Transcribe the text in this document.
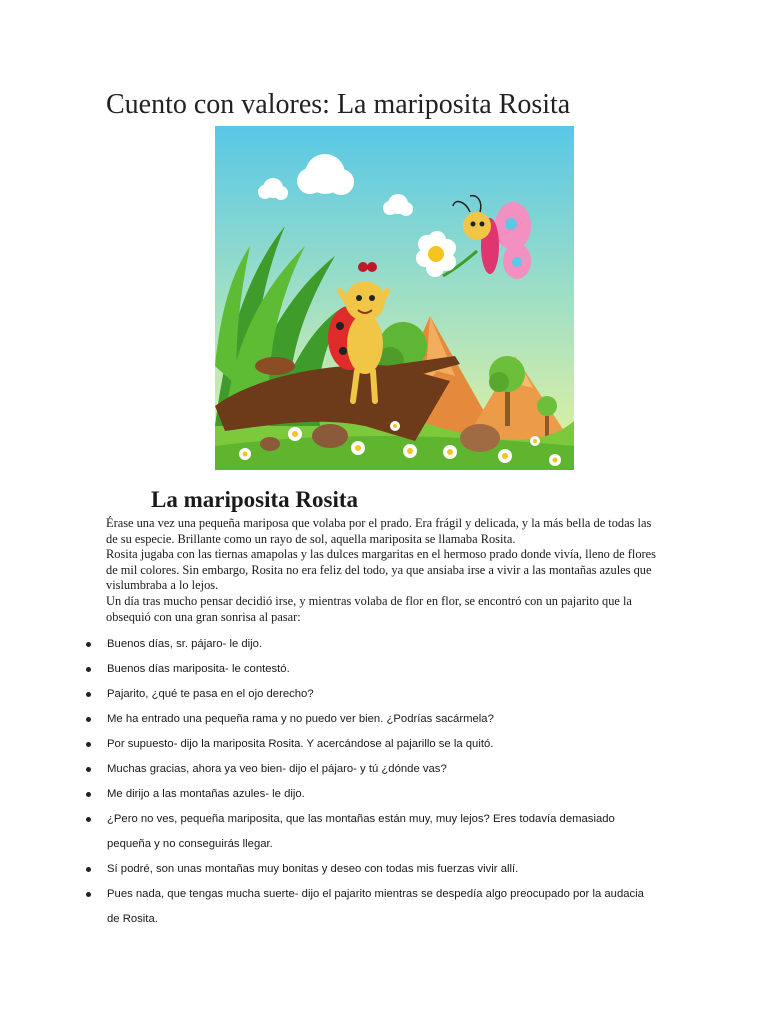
Cuento con valores: La mariposita Rosita
La mariposita Rosita

Érase una vez una pequeña mariposa que volaba por el prado. Era frágil y delicada, y la más bella de todas las de su especie. Brillante como un rayo de sol, aquella mariposita se llamaba Rosita.

Rosita jugaba con las tiernas amapolas y las dulces margaritas en el hermoso prado donde vivía, lleno de flores de mil colores. Sin embargo, Rosita no era feliz del todo, ya que ansiaba irse a vivir a las montañas azules que vislumbraba a lo lejos.

Un día tras mucho pensar decidió irse, y mientras volaba de flor en flor, se encontró con un pajarito que la obsequió con una gran sonrisa al pasar:

Buenos días, sr. pájaro- le dijo.
Buenos días mariposita- le contestó.
Pajarito, ¿qué te pasa en el ojo derecho?
Me ha entrado una pequeña rama y no puedo ver bien. ¿Podrías sacármela?
Por supuesto- dijo la mariposita Rosita. Y acercándose al pajarillo se la quitó.
Muchas gracias, ahora ya veo bien- dijo el pájaro- y tú ¿dónde vas?
Me dirijo a las montañas azules- le dijo.
¿Pero no ves, pequeña mariposita, que las montañas están muy, muy lejos? Eres todavía demasiado pequeña y no conseguirás llegar.
Sí podré, son unas montañas muy bonitas y deseo con todas mis fuerzas vivir allí.
Pues nada, que tengas mucha suerte- dijo el pajarito mientras se despedía algo preocupado por la audacia de Rosita.
